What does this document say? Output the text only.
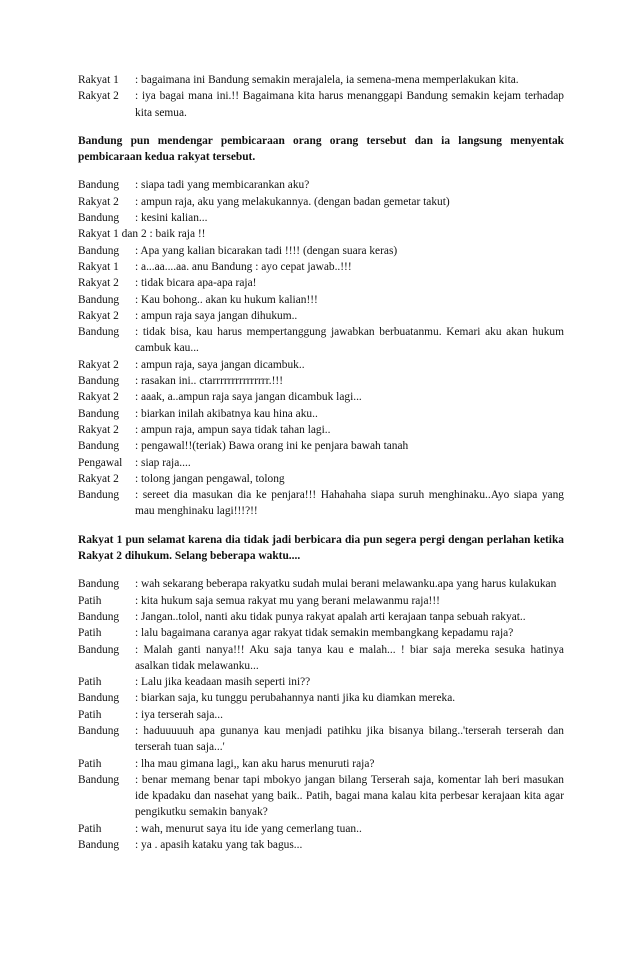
Rakyat 1	: bagaimana ini Bandung semakin merajalela, ia semena-mena memperlakukan kita.
Rakyat 2	: iya bagai mana ini.!! Bagaimana kita harus menanggapi Bandung semakin kejam terhadap kita semua.
Bandung pun mendengar pembicaraan orang orang tersebut dan ia langsung menyentak pembicaraan kedua rakyat tersebut.
Bandung	: siapa tadi yang membicarankan aku?
Rakyat 2	: ampun raja, aku yang melakukannya. (dengan badan gemetar takut)
Bandung	: kesini kalian...
Rakyat 1 dan 2 : baik raja !!
Bandung	: Apa yang kalian bicarakan tadi !!!! (dengan suara keras)
Rakyat 1	: a...aa....aa. anu Bandung : ayo cepat jawab..!!!
Rakyat 2	: tidak bicara apa-apa raja!
Bandung	: Kau bohong.. akan ku hukum kalian!!!
Rakyat 2	: ampun raja saya jangan dihukum..
Bandung	: tidak bisa, kau harus mempertanggung jawabkan berbuatanmu. Kemari aku akan hukum cambuk kau...
Rakyat 2	: ampun raja, saya jangan dicambuk..
Bandung	: rasakan ini.. ctarrrrrrrrrrrrrrr.!!!
Rakyat 2	: aaak, a..ampun raja saya jangan dicambuk lagi...
Bandung	: biarkan inilah akibatnya kau hina aku..
Rakyat 2	: ampun raja, ampun saya tidak tahan lagi..
Bandung	: pengawal!!(teriak) Bawa orang ini ke penjara bawah tanah
Pengawal	: siap raja....
Rakyat 2	: tolong jangan pengawal, tolong
Bandung	: sereet dia masukan dia ke penjara!!! Hahahaha siapa suruh menghinaku..Ayo siapa yang mau menghinaku lagi!!!?!!
Rakyat 1 pun selamat karena dia tidak jadi berbicara dia pun segera pergi dengan perlahan ketika Rakyat 2 dihukum. Selang beberapa waktu....
Bandung	: wah sekarang beberapa rakyatku sudah mulai berani melawanku.apa yang harus kulakukan
Patih	: kita hukum saja semua rakyat mu yang berani melawanmu raja!!!
Bandung	: Jangan..tolol, nanti aku tidak punya rakyat apalah arti kerajaan tanpa sebuah rakyat..
Patih	: lalu bagaimana caranya agar rakyat tidak semakin membangkang kepadamu raja?
Bandung	: Malah ganti nanya!!! Aku saja tanya kau e malah... ! biar saja mereka sesuka hatinya asalkan tidak melawanku...
Patih	: Lalu jika keadaan masih seperti ini??
Bandung	: biarkan saja, ku tunggu perubahannya nanti jika ku diamkan mereka.
Patih	: iya terserah saja...
Bandung	: haduuuuuh apa gunanya kau menjadi patihku jika bisanya bilang..'terserah terserah dan terserah tuan saja...'
Patih	: lha mau gimana lagi,, kan aku harus menuruti raja?
Bandung	: benar memang benar tapi mbokyo jangan bilang Terserah saja, komentar lah beri masukan ide kpadaku dan nasehat yang baik.. Patih, bagai mana kalau kita perbesar kerajaan kita agar pengikutku semakin banyak?
Patih	: wah, menurut saya itu ide yang cemerlang tuan..
Bandung	: ya . apasih kataku yang tak bagus...
